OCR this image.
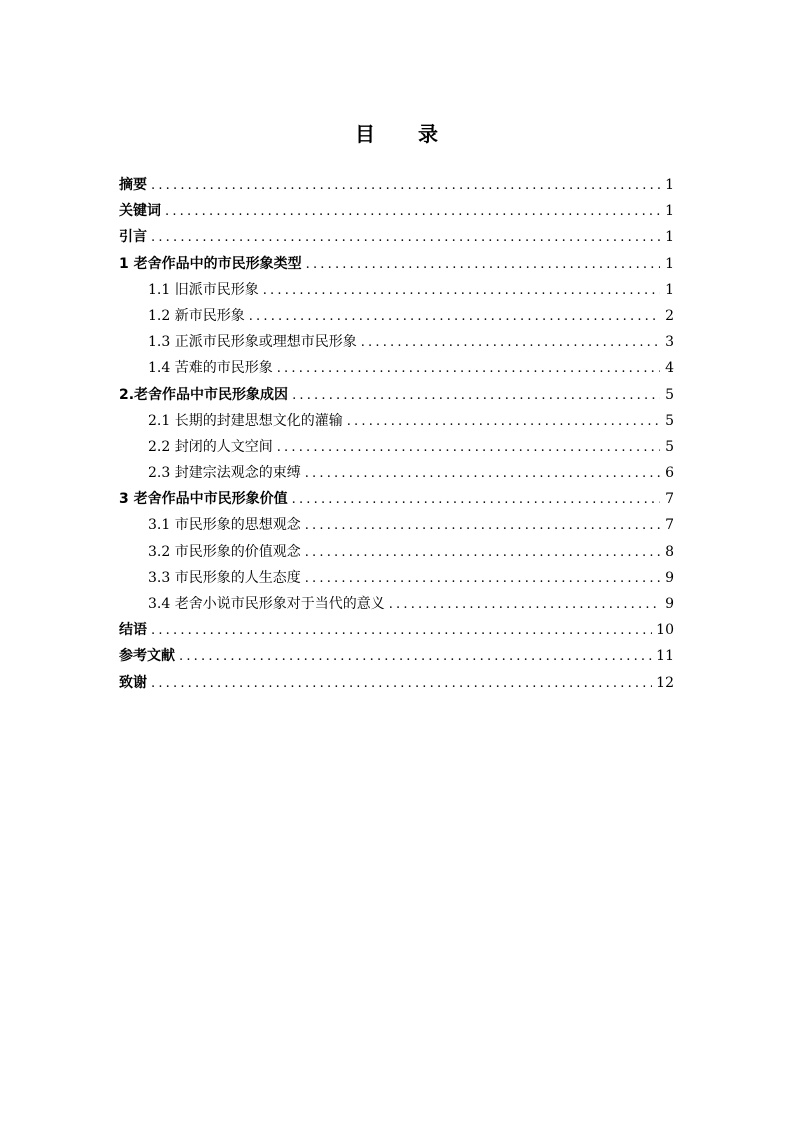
目 录
摘要 .....	1
关键词 .....	1
引言 .....	1
1 老舍作品中的市民形象类型 .....	1
1.1 旧派市民形象 .....	1
1.2 新市民形象 .....	2
1.3 正派市民形象或理想市民形象 .....	3
1.4 苦难的市民形象 .....	4
2.老舍作品中市民形象成因 .....	5
2.1 长期的封建思想文化的灌输 .....	5
2.2 封闭的人文空间 .....	5
2.3 封建宗法观念的束缚 .....	6
3 老舍作品中市民形象价值 .....	7
3.1 市民形象的思想观念 .....	7
3.2 市民形象的价值观念 .....	8
3.3 市民形象的人生态度 .....	9
3.4 老舍小说市民形象对于当代的意义 .....	9
结语 .....	10
参考文献 .....	11
致谢 .....	12
